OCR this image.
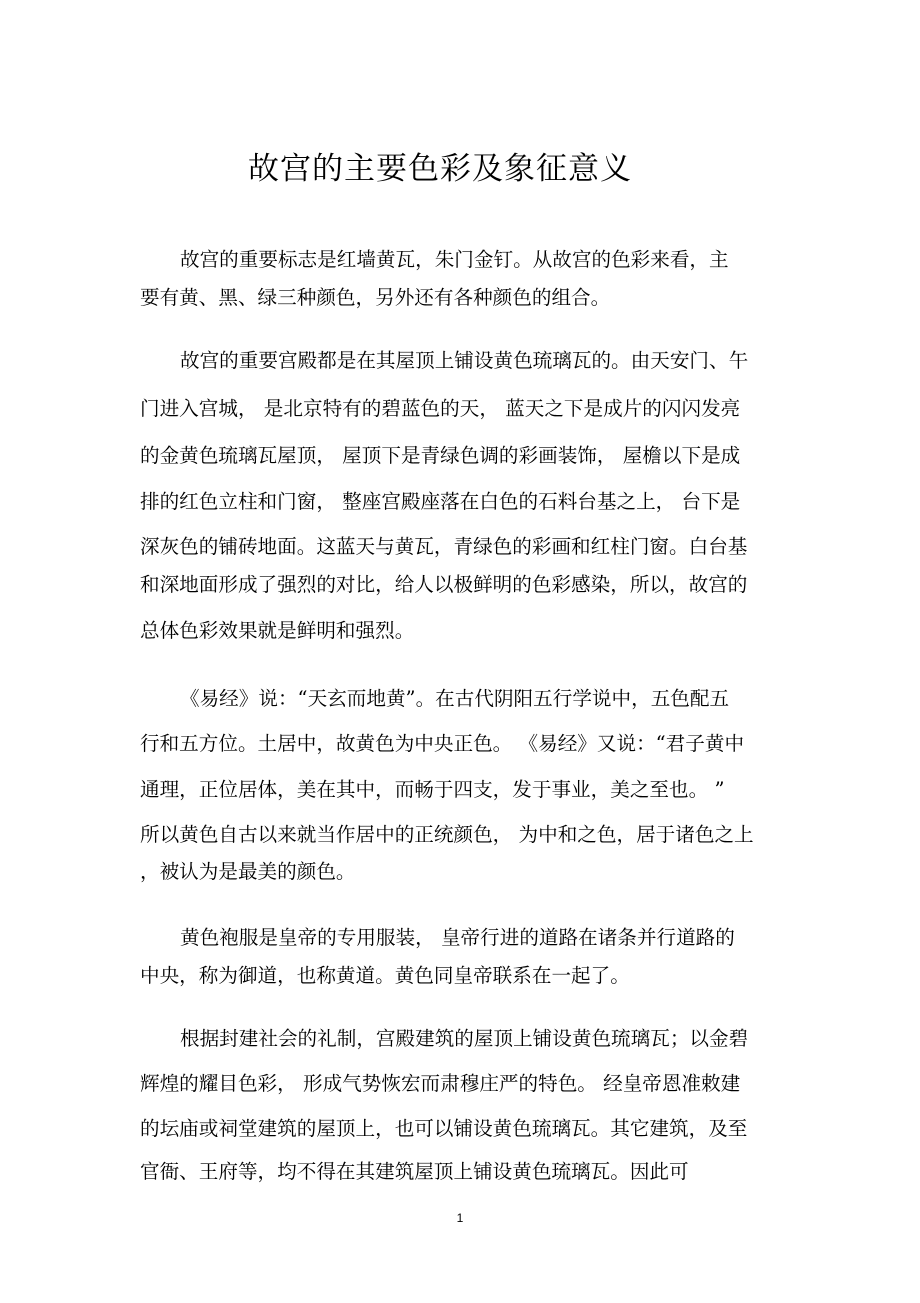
故宫的主要色彩及象征意义

故宫的重要标志是红墙黄瓦，朱门金钉。从故宫的色彩来看，主

要有黄、黑、绿三种颜色，另外还有各种颜色的组合。

故宫的重要宫殿都是在其屋顶上铺设黄色琉璃瓦的。由天安门、午

门进入宫城， 是北京特有的碧蓝色的天， 蓝天之下是成片的闪闪发亮

的金黄色琉璃瓦屋顶， 屋顶下是青绿色调的彩画装饰， 屋檐以下是成

排的红色立柱和门窗， 整座宫殿座落在白色的石料台基之上， 台下是

深灰色的铺砖地面。这蓝天与黄瓦，青绿色的彩画和红柱门窗。白台基

和深地面形成了强烈的对比，给人以极鲜明的色彩感染，所以，故宫的

总体色彩效果就是鲜明和强烈。

《易经》说：“天玄而地黄”。在古代阴阳五行学说中，五色配五

行和五方位。土居中，故黄色为中央正色。 《易经》又说：“君子黄中

通理，正位居体，美在其中，而畅于四支，发于事业，美之至也。 ”

所以黄色自古以来就当作居中的正统颜色， 为中和之色，居于诸色之上

，被认为是最美的颜色。

黄色袍服是皇帝的专用服装， 皇帝行进的道路在诸条并行道路的

中央，称为御道，也称黄道。黄色同皇帝联系在一起了。

根据封建社会的礼制，宫殿建筑的屋顶上铺设黄色琉璃瓦；以金碧

辉煌的耀目色彩， 形成气势恢宏而肃穆庄严的特色。 经皇帝恩准敕建

的坛庙或祠堂建筑的屋顶上，也可以铺设黄色琉璃瓦。其它建筑，及至

官衙、王府等，均不得在其建筑屋顶上铺设黄色琉璃瓦。因此可

1
